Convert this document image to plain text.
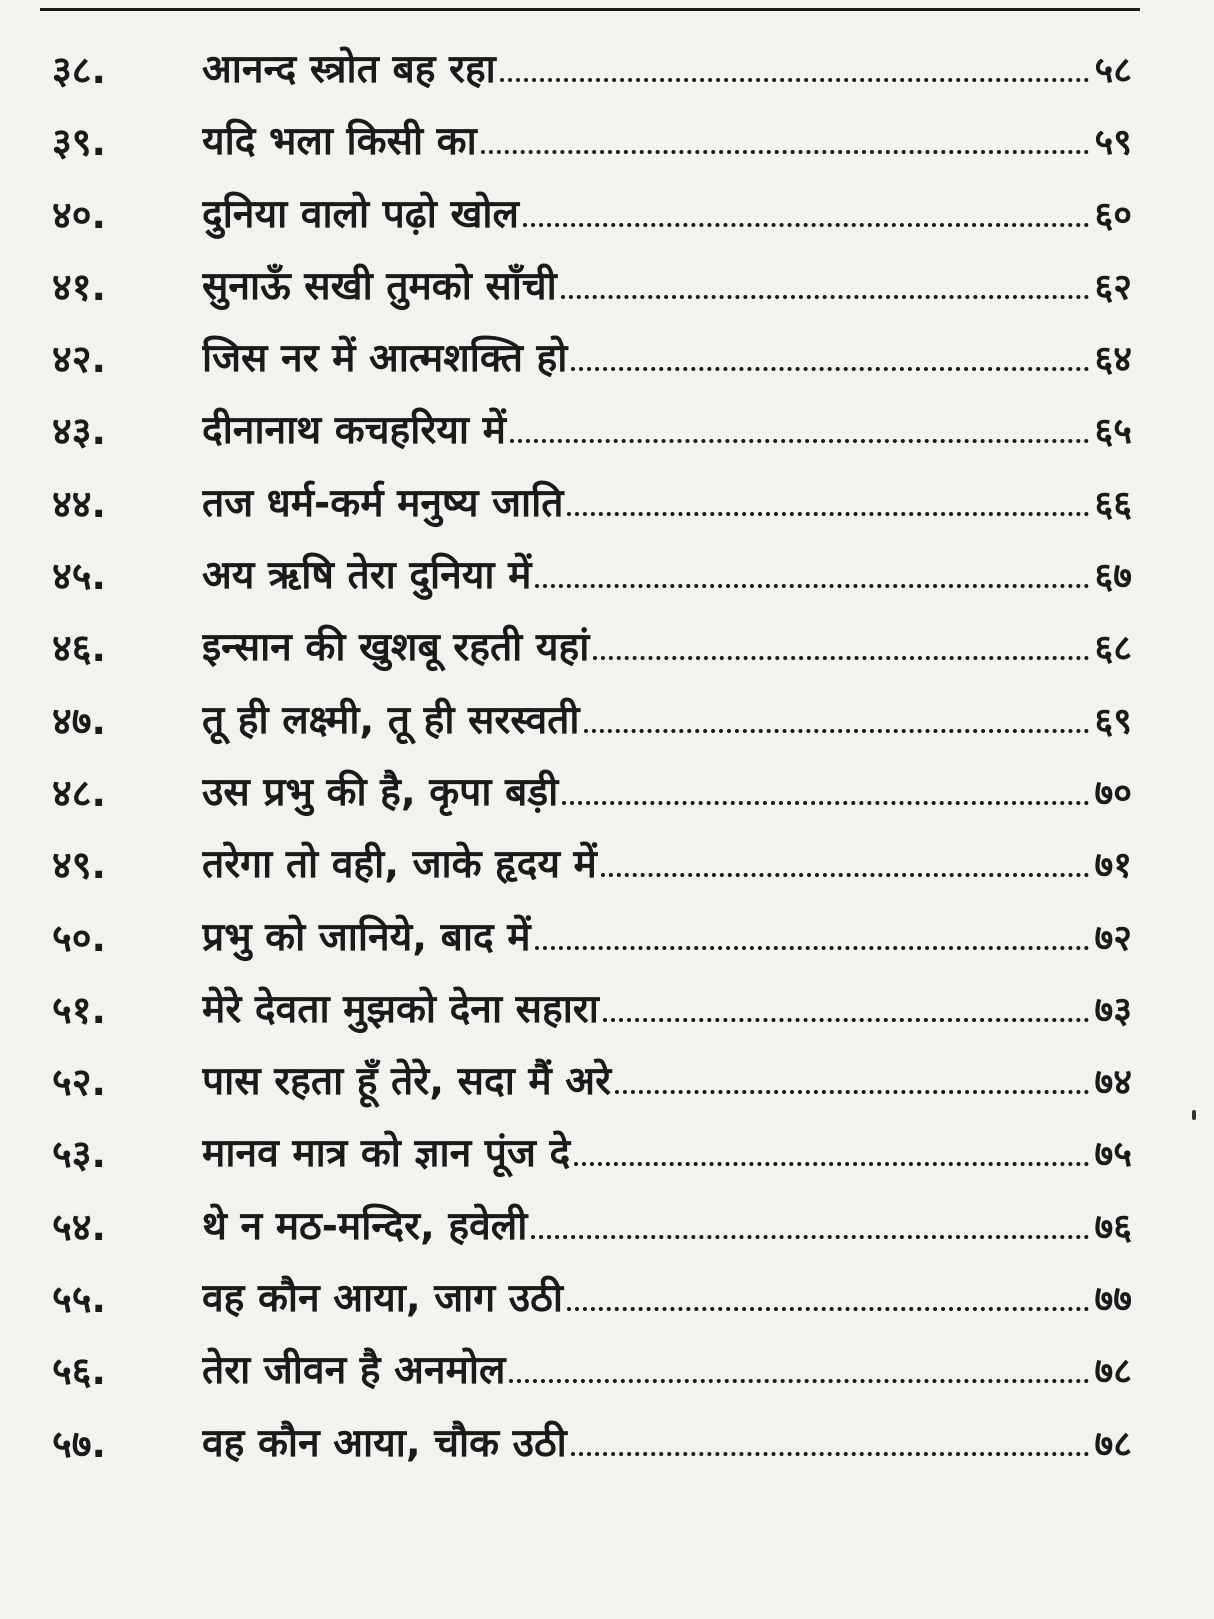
३८. आनन्द स्त्रोत बह रहा	५८
३९. यदि भला किसी का	५९
४०. दुनिया वालो पढ़ो खोल	६०
४१. सुनाऊँ सखी तुमको साँची	६२
४२. जिस नर में आत्मशक्ति हो	६४
४३. दीनानाथ कचहरिया में	६५
४४. तज धर्म-कर्म मनुष्य जाति	६६
४५. अय ऋषि तेरा दुनिया में	६७
४६. इन्सान की खुशबू रहती यहां	६८
४७. तू ही लक्ष्मी, तू ही सरस्वती	६९
४८. उस प्रभु की है, कृपा बड़ी	७०
४९. तरेगा तो वही, जाके हृदय में	७१
५०. प्रभु को जानिये, बाद में	७२
५१. मेरे देवता मुझको देना सहारा	७३
५२. पास रहता हूँ तेरे, सदा मैं अरे	७४
५३. मानव मात्र को ज्ञान पूंज दे	७५
५४. थे न मठ-मन्दिर, हवेली	७६
५५. वह कौन आया, जाग उठी	७७
५६. तेरा जीवन है अनमोल	७८
५७. वह कौन आया, चौक उठी	७८
